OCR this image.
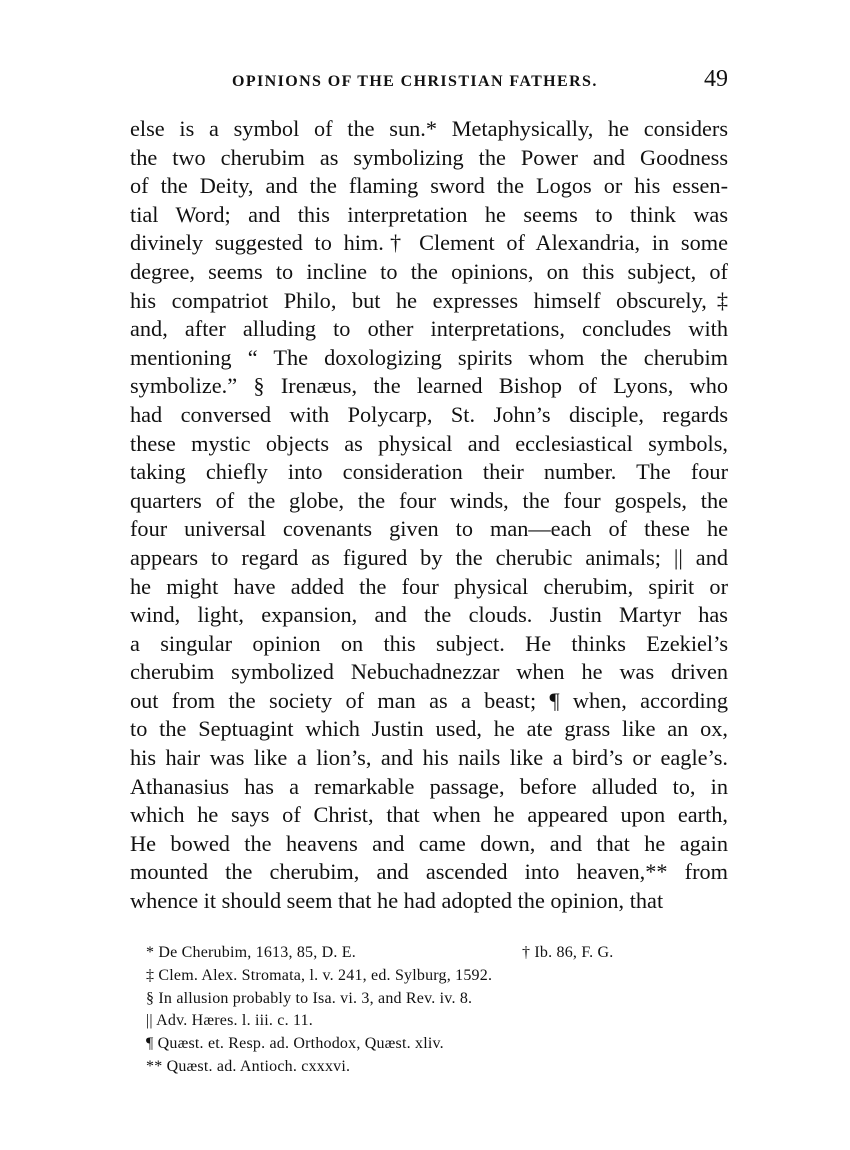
OPINIONS OF THE CHRISTIAN FATHERS.	49
else is a symbol of the sun.* Metaphysically, he considers
the two cherubim as symbolizing the Power and Goodness
of the Deity, and the flaming sword the Logos or his essen-
tial Word; and this interpretation he seems to think was
divinely suggested to him.† Clement of Alexandria, in some
degree, seems to incline to the opinions, on this subject, of
his compatriot Philo, but he expresses himself obscurely,‡
and, after alluding to other interpretations, concludes with
mentioning “ The doxologizing spirits whom the cherubim
symbolize.” § Irenæus, the learned Bishop of Lyons, who
had conversed with Polycarp, St. John’s disciple, regards
these mystic objects as physical and ecclesiastical symbols,
taking chiefly into consideration their number. The four
quarters of the globe, the four winds, the four gospels, the
four universal covenants given to man—each of these he
appears to regard as figured by the cherubic animals; || and
he might have added the four physical cherubim, spirit or
wind, light, expansion, and the clouds. Justin Martyr has
a singular opinion on this subject. He thinks Ezekiel’s
cherubim symbolized Nebuchadnezzar when he was driven
out from the society of man as a beast; ¶ when, according
to the Septuagint which Justin used, he ate grass like an ox,
his hair was like a lion’s, and his nails like a bird’s or eagle’s.
Athanasius has a remarkable passage, before alluded to, in
which he says of Christ, that when he appeared upon earth,
He bowed the heavens and came down, and that he again
mounted the cherubim, and ascended into heaven,** from
whence it should seem that he had adopted the opinion, that
* De Cherubim, 1613, 85, D. E.	† Ib. 86, F. G.
‡ Clem. Alex. Stromata, l. v. 241, ed. Sylburg, 1592.
§ In allusion probably to Isa. vi. 3, and Rev. iv. 8.
|| Adv. Hæres. l. iii. c. 11.
¶ Quæst. et. Resp. ad. Orthodox, Quæst. xliv.
** Quæst. ad. Antioch. cxxxvi.
